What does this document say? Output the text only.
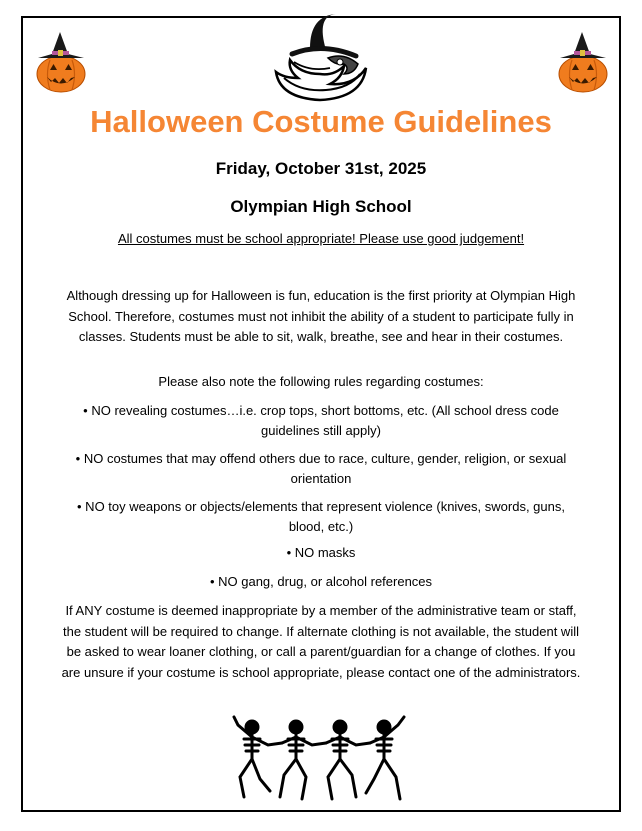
Halloween Costume Guidelines
Friday, October 31st, 2025
Olympian High School

All costumes must be school appropriate! Please use good judgement!

Although dressing up for Halloween is fun, education is the first priority at Olympian High School. Therefore, costumes must not inhibit the ability of a student to participate fully in classes. Students must be able to sit, walk, breathe, see and hear in their costumes.

Please also note the following rules regarding costumes:

• NO revealing costumes…i.e. crop tops, short bottoms, etc. (All school dress code guidelines still apply)

• NO costumes that may offend others due to race, culture, gender, religion, or sexual orientation

• NO toy weapons or objects/elements that represent violence (knives, swords, guns, blood, etc.)

• NO masks

• NO gang, drug, or alcohol references

If ANY costume is deemed inappropriate by a member of the administrative team or staff, the student will be required to change. If alternate clothing is not available, the student will be asked to wear loaner clothing, or call a parent/guardian for a change of clothes. If you are unsure if your costume is school appropriate, please contact one of the administrators.
